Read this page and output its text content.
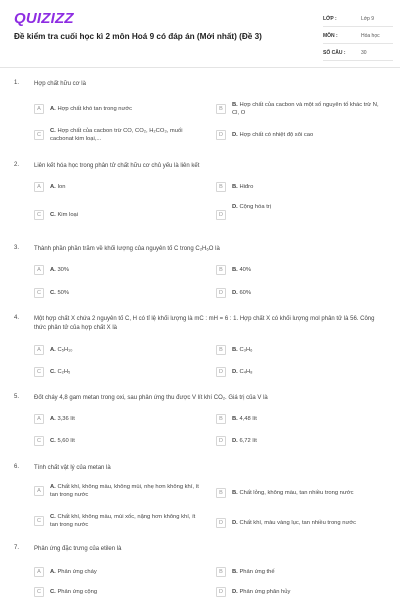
QUIZIZZ
Đề kiểm tra cuối học kì 2 môn Hoá 9 có đáp án (Mới nhất) (Đề 3)
LỚP :	Lớp 9
MÔN :	Hóa học
SỐ CÂU :	30
1. Hợp chất hữu cơ là
A	A. Hợp chất khó tan trong nước	B
B. Hợp chất của cacbon và một số nguyên tố khác trừ N, Cl, O
C
C. Hợp chất của cacbon trừ CO, CO₂, H₂CO₃, muối cacbonat kim loại,...
D	D. Hợp chất có nhiệt độ sôi cao
2. Liên kết hóa học trong phân tử chất hữu cơ chủ yếu là liên kết
A	A. Ion	B	B. Hiđro
C	C. Kim loại	D
D. Cộng hóa trị
3. Thành phần phần trăm về khối lượng của nguyên tố C trong C₂H₆O là
A	A. 30%	B	B. 40%
C	C. 50%	D	D. 60%
4. Một hợp chất X chứa 2 nguyên tố C, H có tỉ lệ khối lượng là mC : mH = 6 : 1. Hợp chất X có khối lượng mol phân tử là 56. Công thức phân tử của hợp chất X là
A	A. C₅H₁₀	B	B. C₃H₆
C	C. C₂H₅	D	D. C₄H₈
5. Đốt cháy 4,8 gam metan trong oxi, sau phản ứng thu được V lít khí CO₂. Giá trị của V là
A	A. 3,36 lít	B	B. 4,48 lít
C	C. 5,60 lít	D	D. 6,72 lít
6. Tính chất vật lý của metan là
A
A. Chất khí, không màu, không mùi, nhẹ hơn không khí, ít tan trong nước	B	B. Chất lỏng, không màu, tan nhiều trong nước
C
C. Chất khí, không màu, mùi xốc, nặng hơn không khí, ít tan trong nước	D	D. Chất khí, màu vàng lục, tan nhiều trong nước
7. Phản ứng đặc trưng của etilen là
A	A. Phản ứng cháy	B	B. Phản ứng thế
C	C. Phản ứng cộng	D	D. Phản ứng phân hủy
